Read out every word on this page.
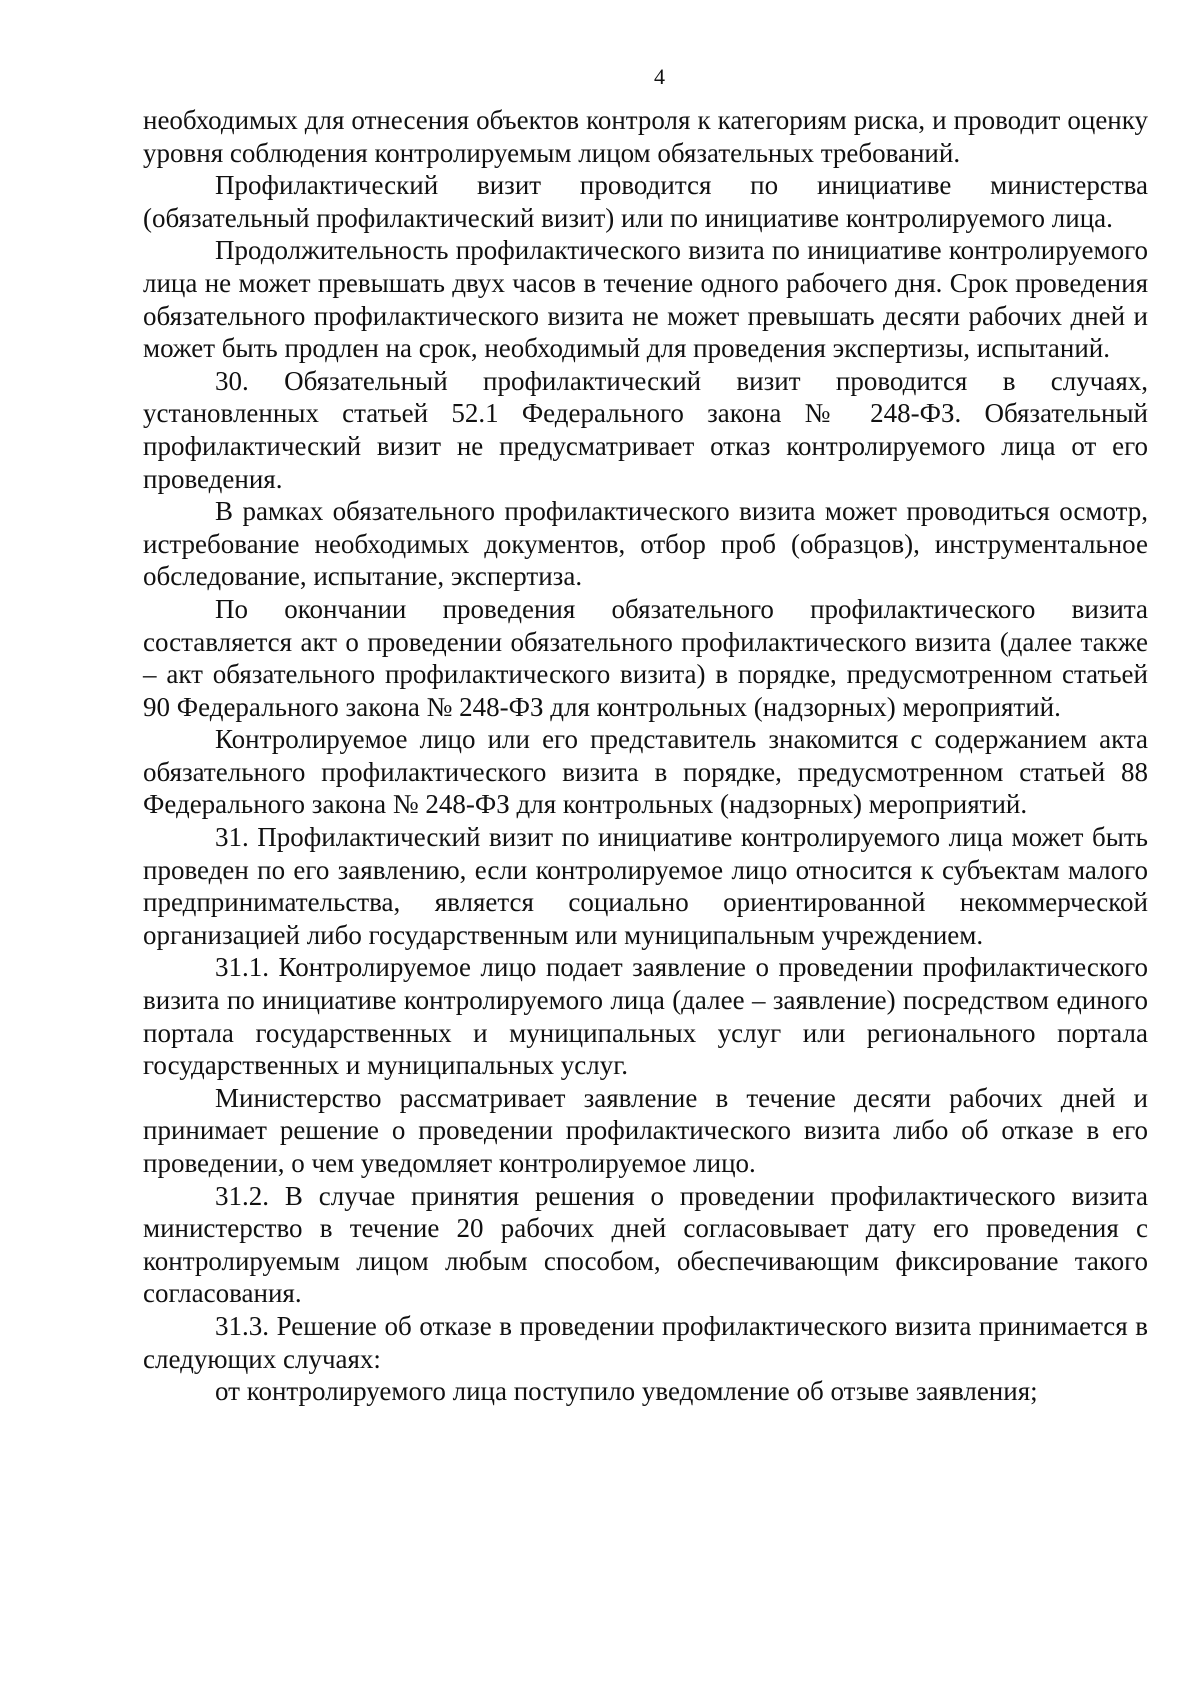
4

необходимых для отнесения объектов контроля к категориям риска, и проводит оценку уровня соблюдения контролируемым лицом обязательных требований.

Профилактический визит проводится по инициативе министерства (обязательный профилактический визит) или по инициативе контролируемого лица.

Продолжительность профилактического визита по инициативе контролируемого лица не может превышать двух часов в течение одного рабочего дня. Срок проведения обязательного профилактического визита не может превышать десяти рабочих дней и может быть продлен на срок, необходимый для проведения экспертизы, испытаний.

30. Обязательный профилактический визит проводится в случаях, установленных статьей 52.1 Федерального закона № 248-ФЗ. Обязательный профилактический визит не предусматривает отказ контролируемого лица от его проведения.

В рамках обязательного профилактического визита может проводиться осмотр, истребование необходимых документов, отбор проб (образцов), инструментальное обследование, испытание, экспертиза.

По окончании проведения обязательного профилактического визита составляется акт о проведении обязательного профилактического визита (далее также – акт обязательного профилактического визита) в порядке, предусмотренном статьей 90 Федерального закона № 248-ФЗ для контрольных (надзорных) мероприятий.

Контролируемое лицо или его представитель знакомится с содержанием акта обязательного профилактического визита в порядке, предусмотренном статьей 88 Федерального закона № 248-ФЗ для контрольных (надзорных) мероприятий.

31. Профилактический визит по инициативе контролируемого лица может быть проведен по его заявлению, если контролируемое лицо относится к субъектам малого предпринимательства, является социально ориентированной некоммерческой организацией либо государственным или муниципальным учреждением.

31.1. Контролируемое лицо подает заявление о проведении профилактического визита по инициативе контролируемого лица (далее – заявление) посредством единого портала государственных и муниципальных услуг или регионального портала государственных и муниципальных услуг.

Министерство рассматривает заявление в течение десяти рабочих дней и принимает решение о проведении профилактического визита либо об отказе в его проведении, о чем уведомляет контролируемое лицо.

31.2. В случае принятия решения о проведении профилактического визита министерство в течение 20 рабочих дней согласовывает дату его проведения с контролируемым лицом любым способом, обеспечивающим фиксирование такого согласования.

31.3. Решение об отказе в проведении профилактического визита принимается в следующих случаях:

от контролируемого лица поступило уведомление об отзыве заявления;
